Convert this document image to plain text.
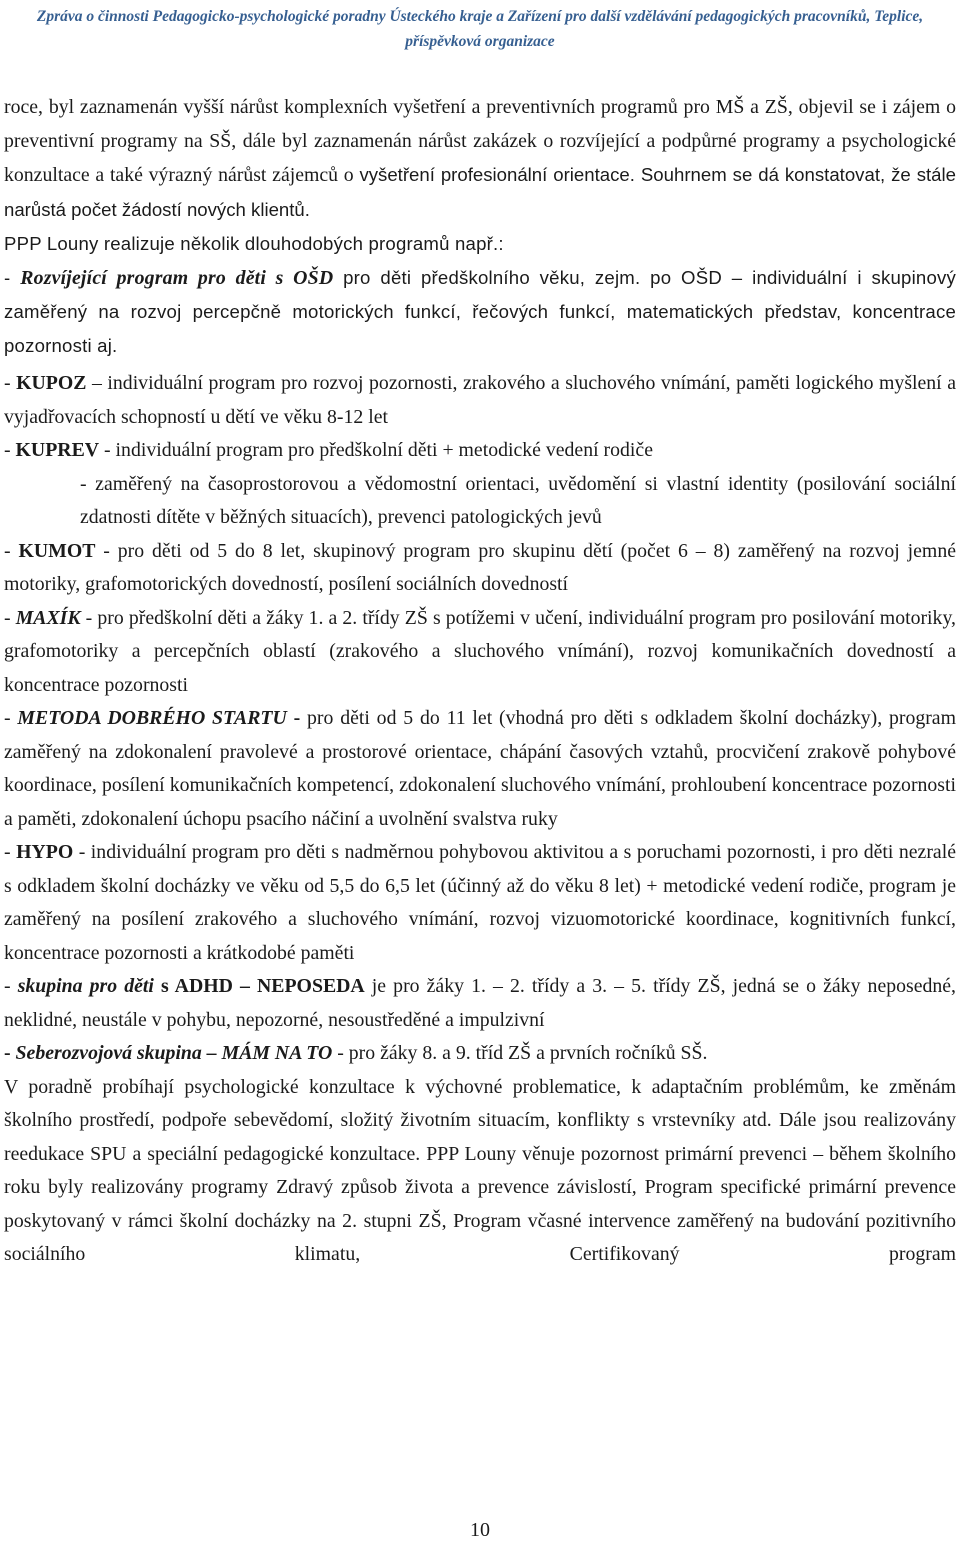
Zpráva o činnosti Pedagogicko-psychologické poradny Ústeckého kraje a Zařízení pro další vzdělávání pedagogických pracovníků, Teplice,
příspěvková organizace

roce, byl zaznamenán vyšší nárůst komplexních vyšetření a preventivních programů pro MŠ a ZŠ, objevil se i zájem o preventivní programy na SŠ, dále byl zaznamenán nárůst zakázek o rozvíjející a podpůrné programy a psychologické konzultace a také výrazný nárůst zájemců o vyšetření profesionální orientace. Souhrnem se dá konstatovat, že stále narůstá počet žádostí nových klientů.

PPP Louny realizuje několik dlouhodobých programů např.:

- Rozvíjející program pro děti s OŠD pro děti předškolního věku, zejm. po OŠD – individuální i skupinový zaměřený na rozvoj percepčně motorických funkcí, řečových funkcí, matematických představ, koncentrace pozornosti aj.

- KUPOZ – individuální program pro rozvoj pozornosti, zrakového a sluchového vnímání, paměti logického myšlení a vyjadřovacích schopností u dětí ve věku 8-12 let

- KUPREV - individuální program pro předškolní děti + metodické vedení rodiče

- zaměřený na časoprostorovou a vědomostní orientaci, uvědomění si vlastní identity (posilování sociální zdatnosti dítěte v běžných situacích), prevenci patologických jevů

- KUMOT - pro děti od 5 do 8 let, skupinový program pro skupinu dětí (počet 6 – 8) zaměřený na rozvoj jemné motoriky, grafomotorických dovedností, posílení sociálních dovedností

- MAXÍK - pro předškolní děti a žáky 1. a 2. třídy ZŠ s potížemi v učení, individuální program pro posilování motoriky, grafomotoriky a percepčních oblastí (zrakového a sluchového vnímání), rozvoj komunikačních dovedností a koncentrace pozornosti

- METODA DOBRÉHO STARTU - pro děti od 5 do 11 let (vhodná pro děti s odkladem školní docházky), program zaměřený na zdokonalení pravolevé a prostorové orientace, chápání časových vztahů, procvičení zrakově pohybové koordinace, posílení komunikačních kompetencí, zdokonalení sluchového vnímání, prohloubení koncentrace pozornosti a paměti, zdokonalení úchopu psacího náčiní a uvolnění svalstva ruky

- HYPO - individuální program pro děti s nadměrnou pohybovou aktivitou a s poruchami pozornosti, i pro děti nezralé s odkladem školní docházky ve věku od 5,5 do 6,5 let (účinný až do věku 8 let) + metodické vedení rodiče, program je zaměřený na posílení zrakového a sluchového vnímání, rozvoj vizuomotorické koordinace, kognitivních funkcí, koncentrace pozornosti a krátkodobé paměti

- skupina pro děti s ADHD – NEPOSEDA je pro žáky 1. – 2. třídy a 3. – 5. třídy ZŠ, jedná se o žáky neposedné, neklidné, neustále v pohybu, nepozorné, nesoustředěné a impulzivní

- Seberozvojová skupina – MÁM NA TO - pro žáky 8. a 9. tříd ZŠ a prvních ročníků SŠ.

V poradně probíhají psychologické konzultace k výchovné problematice, k adaptačním problémům, ke změnám školního prostředí, podpoře sebevědomí, složitý životním situacím, konflikty s vrstevníky atd. Dále jsou realizovány reedukace SPU a speciální pedagogické konzultace. PPP Louny věnuje pozornost primární prevenci – během školního roku byly realizovány programy Zdravý způsob života a prevence závislostí, Program specifické primární prevence poskytovaný v rámci školní docházky na 2. stupni ZŠ, Program včasné intervence zaměřený na budování pozitivního sociálního klimatu, Certifikovaný program

10
